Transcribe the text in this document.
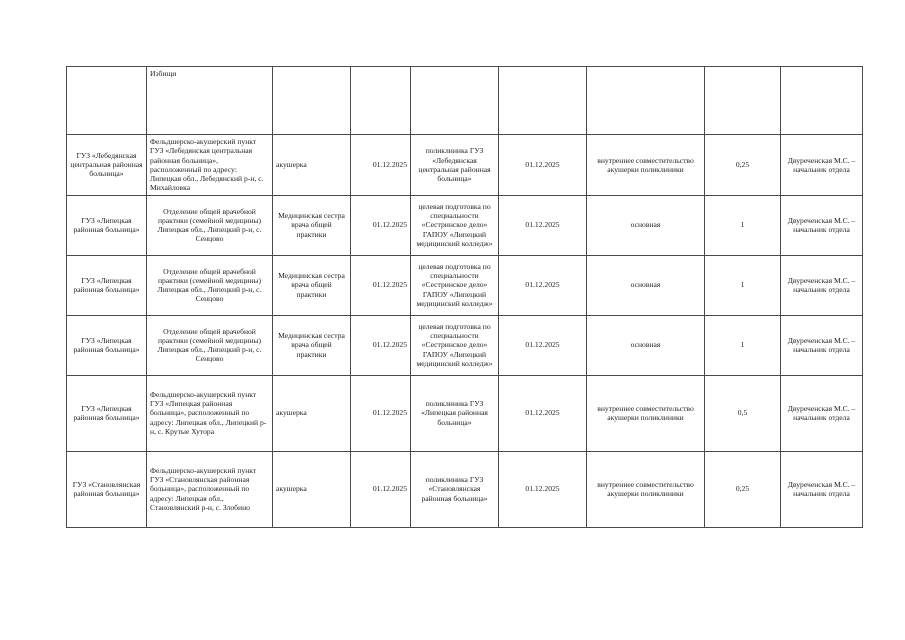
	Избищи							
ГУЗ «Лебедянская центральная районная больница»	Фельдшерско-акушерский пункт ГУЗ «Лебедянская центральная районная больница», расположенный по адресу: Липецкая обл., Лебедянский р-н, с. Михайловка	акушерка	01.12.2025	поликлиника ГУЗ «Лебедянская центральная районная больница»	01.12.2025	внутреннее совместительство акушерки поликлиники	0,25	Двуреченская М.С. – начальник отдела
ГУЗ «Липецкая районная больница»	Отделение общей врачебной практики (семейной медицины) Липецкая обл., Липецкий р-н, с. Сенцово	Медицинская сестра врача общей практики	01.12.2025	целевая подготовка по специальности «Сестринское дело» ГАПОУ «Липецкий медицинский колледж»	01.12.2025	основная	1	Двуреченская М.С. – начальник отдела
ГУЗ «Липецкая районная больница»	Отделение общей врачебной практики (семейной медицины) Липецкая обл., Липецкий р-н, с. Сенцово	Медицинская сестра врача общей практики	01.12.2025	целевая подготовка по специальности «Сестринское дело» ГАПОУ «Липецкий медицинский колледж»	01.12.2025	основная	1	Двуреченская М.С. – начальник отдела
ГУЗ «Липецкая районная больница»	Отделение общей врачебной практики (семейной медицины) Липецкая обл., Липецкий р-н, с. Сенцово	Медицинская сестра врача общей практики	01.12.2025	целевая подготовка по специальности «Сестринское дело» ГАПОУ «Липецкий медицинский колледж»	01.12.2025	основная	1	Двуреченская М.С. – начальник отдела
ГУЗ «Липецкая районная больница»	Фельдшерско-акушерский пункт ГУЗ «Липецкая районная больница», расположенный по адресу: Липецкая обл., Липецкий р-н, с. Крутые Хутора	акушерка	01.12.2025	поликлиника ГУЗ «Липецкая районная больница»	01.12.2025	внутреннее совместительство акушерки поликлиники	0,5	Двуреченская М.С. – начальник отдела
ГУЗ «Становлянская районная больница»	Фельдшерско-акушерский пункт ГУЗ «Становлянская районная больница», расположенный по адресу: Липецкая обл., Становлянский р-н, с. Злобино	акушерка	01.12.2025	поликлиника ГУЗ «Становлянская районная больница»	01.12.2025	внутреннее совместительство акушерки поликлиники	0,25	Двуреченская М.С. – начальник отдела
